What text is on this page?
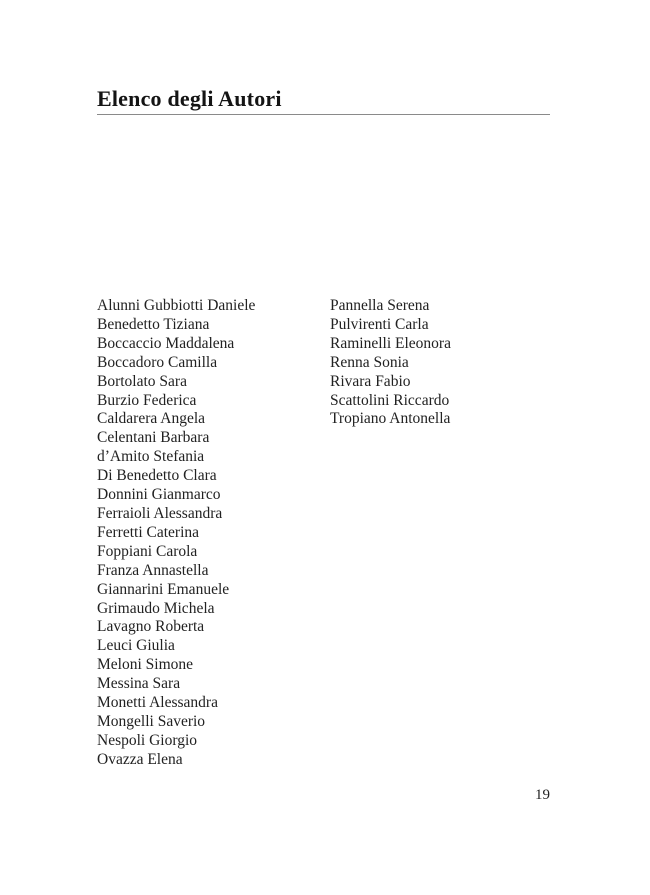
Elenco degli Autori
Alunni Gubbiotti Daniele
Benedetto Tiziana
Boccaccio Maddalena
Boccadoro Camilla
Bortolato Sara
Burzio Federica
Caldarera Angela
Celentani Barbara
d’Amito Stefania
Di Benedetto Clara
Donnini Gianmarco
Ferraioli Alessandra
Ferretti Caterina
Foppiani Carola
Franza Annastella
Giannarini Emanuele
Grimaudo Michela
Lavagno Roberta
Leuci Giulia
Meloni Simone
Messina Sara
Monetti Alessandra
Mongelli Saverio
Nespoli Giorgio
Ovazza Elena
Pannella Serena
Pulvirenti Carla
Raminelli Eleonora
Renna Sonia
Rivara Fabio
Scattolini Riccardo
Tropiano Antonella
19
